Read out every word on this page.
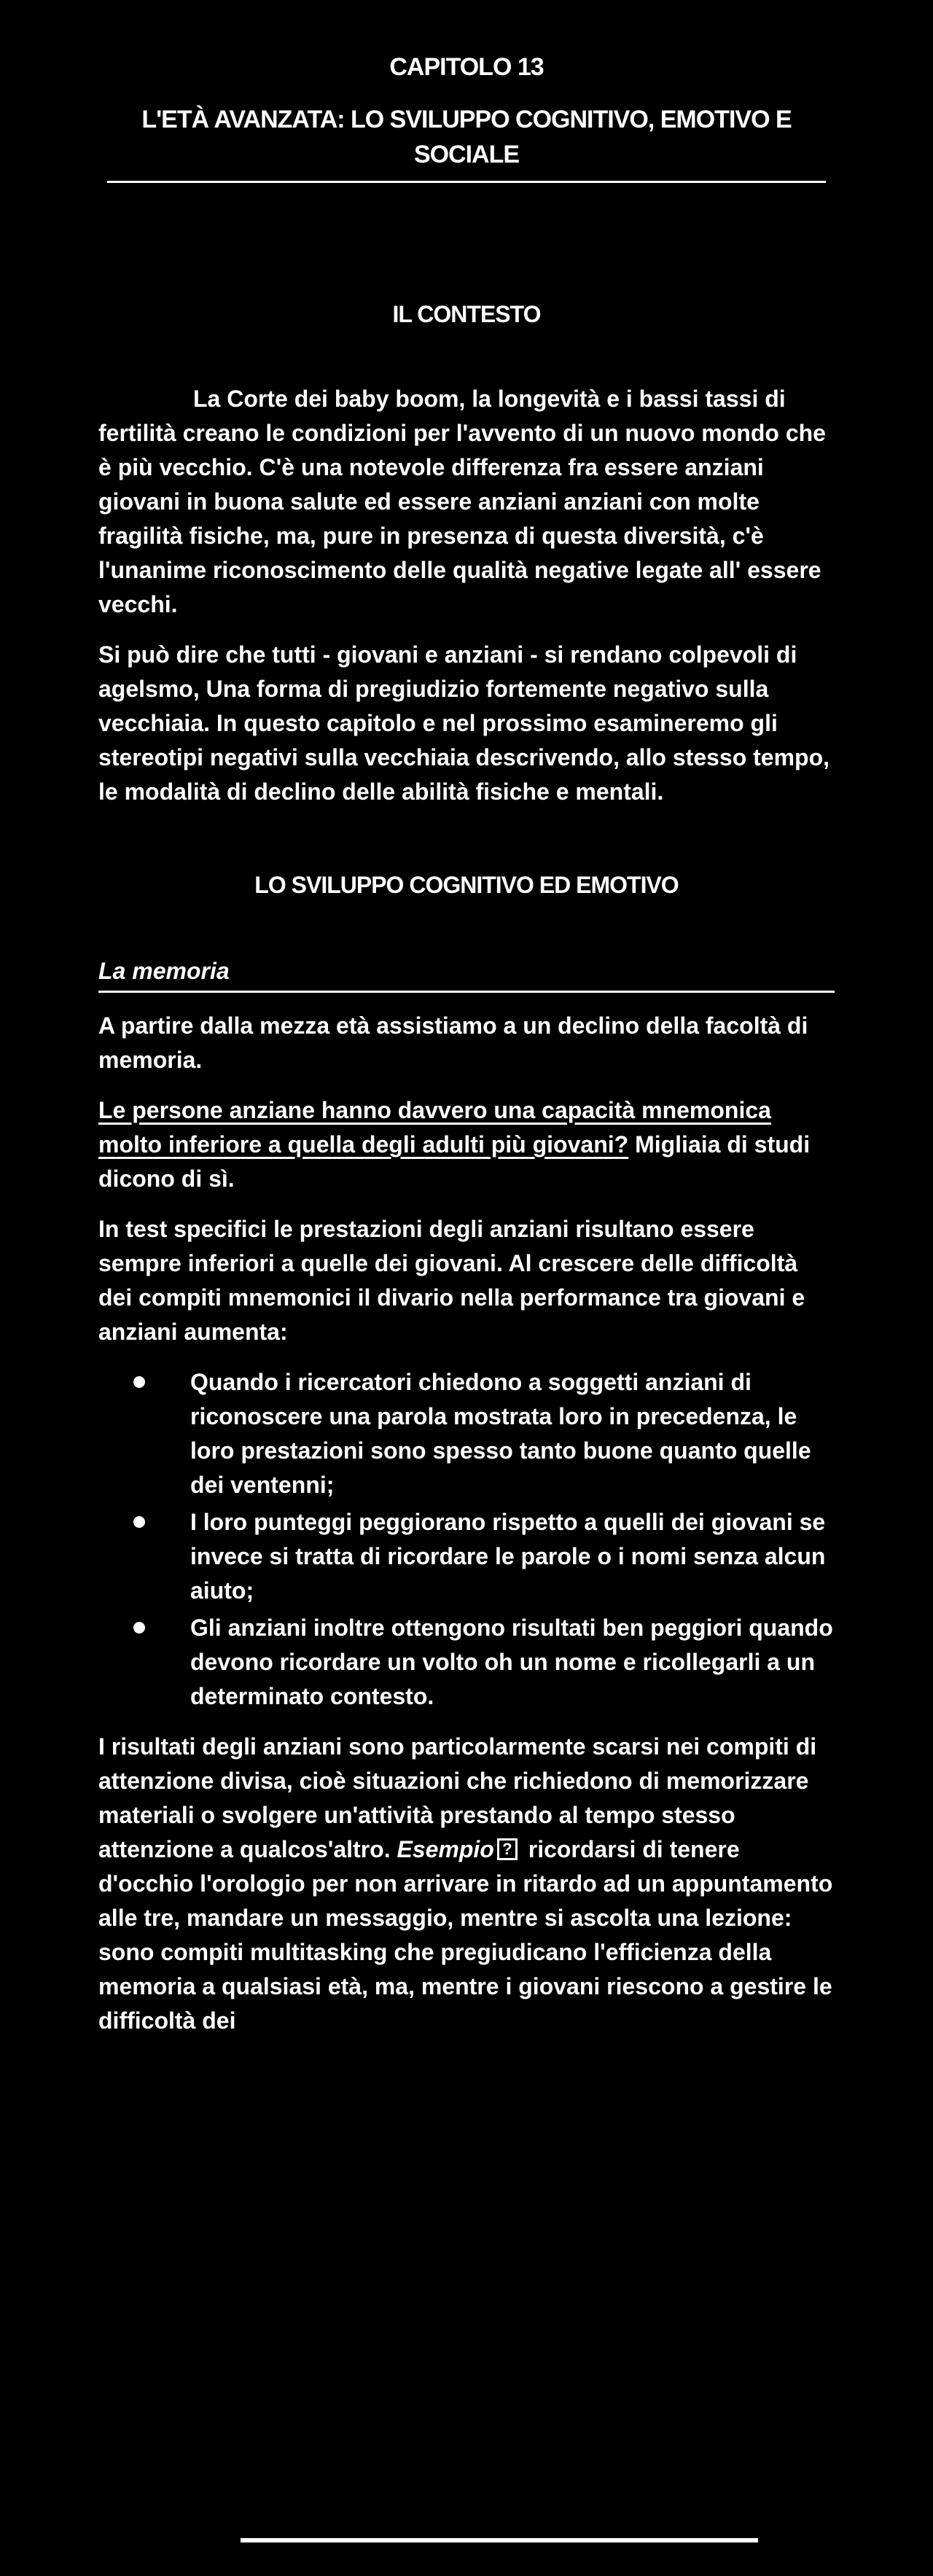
CAPITOLO 13
L'ETÀ AVANZATA: LO SVILUPPO COGNITIVO, EMOTIVO E SOCIALE
IL CONTESTO

La Corte dei baby boom, la longevità e i bassi tassi di fertilità creano le condizioni per l'avvento di un nuovo mondo che è più vecchio. C'è una notevole differenza fra essere anziani giovani in buona salute ed essere anziani anziani con molte fragilità fisiche, ma, pure in presenza di questa diversità, c'è l'unanime riconoscimento delle qualità negative legate all' essere vecchi.

Si può dire che tutti - giovani e anziani - si rendano colpevoli di agelsmo, Una forma di pregiudizio fortemente negativo sulla vecchiaia. In questo capitolo e nel prossimo esamineremo gli stereotipi negativi sulla vecchiaia descrivendo, allo stesso tempo, le modalità di declino delle abilità fisiche e mentali.

LO SVILUPPO COGNITIVO ED EMOTIVO
La memoria

A partire dalla mezza età assistiamo a un declino della facoltà di memoria.

Le persone anziane hanno davvero una capacità mnemonica molto inferiore a quella degli adulti più giovani? Migliaia di studi dicono di sì.

In test specifici le prestazioni degli anziani risultano essere sempre inferiori a quelle dei giovani. Al crescere delle difficoltà dei compiti mnemonici il divario nella performance tra giovani e anziani aumenta:

Quando i ricercatori chiedono a soggetti anziani di riconoscere una parola mostrata loro in precedenza, le loro prestazioni sono spesso tanto buone quanto quelle dei ventenni;
I loro punteggi peggiorano rispetto a quelli dei giovani se invece si tratta di ricordare le parole o i nomi senza alcun aiuto;
Gli anziani inoltre ottengono risultati ben peggiori quando devono ricordare un volto oh un nome e ricollegarli a un determinato contesto.

I risultati degli anziani sono particolarmente scarsi nei compiti di attenzione divisa, cioè situazioni che richiedono di memorizzare materiali o svolgere un'attività prestando al tempo stesso attenzione a qualcos'altro. Esempio ? ricordarsi di tenere d'occhio l'orologio per non arrivare in ritardo ad un appuntamento alle tre, mandare un messaggio, mentre si ascolta una lezione: sono compiti multitasking che pregiudicano l'efficienza della memoria a qualsiasi età, ma, mentre i giovani riescono a gestire le difficoltà dei
